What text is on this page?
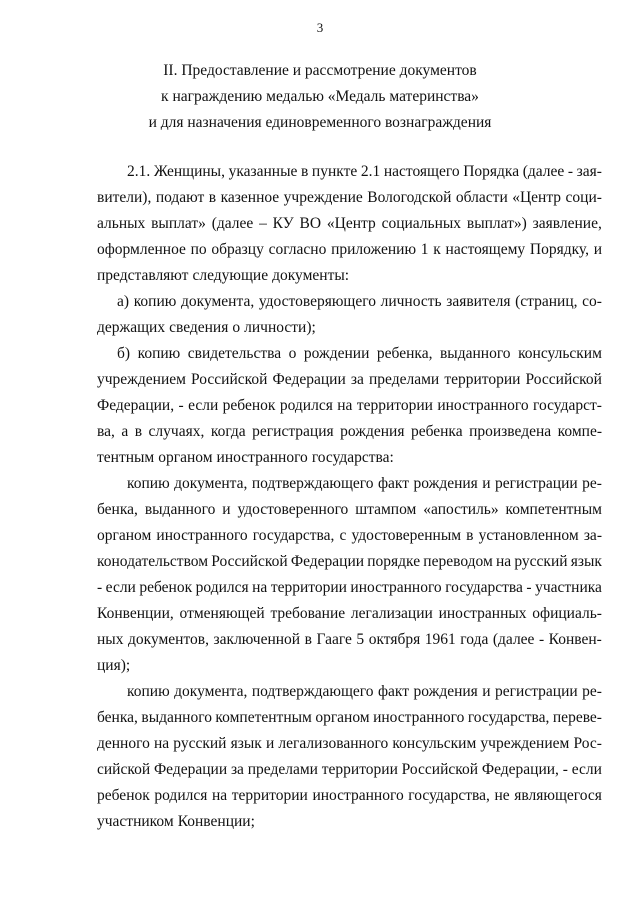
3
II. Предоставление и рассмотрение документов
к награждению медалью «Медаль материнства»
и для назначения единовременного вознаграждения
2.1. Женщины, указанные в пункте 2.1 настоящего Порядка (далее - зая-
вители), подают в казенное учреждение Вологодской области «Центр соци-
альных выплат» (далее – КУ ВО «Центр социальных выплат») заявление,
оформленное по образцу согласно приложению 1 к настоящему Порядку, и
представляют следующие документы:
а) копию документа, удостоверяющего личность заявителя (страниц, со-
держащих сведения о личности);
б) копию свидетельства о рождении ребенка, выданного консульским
учреждением Российской Федерации за пределами территории Российской
Федерации, - если ребенок родился на территории иностранного государст-
ва, а в случаях, когда регистрация рождения ребенка произведена компе-
тентным органом иностранного государства:
копию документа, подтверждающего факт рождения и регистрации ре-
бенка, выданного и удостоверенного штампом «апостиль» компетентным
органом иностранного государства, с удостоверенным в установленном за-
конодательством Российской Федерации порядке переводом на русский язык
- если ребенок родился на территории иностранного государства - участника
Конвенции, отменяющей требование легализации иностранных официаль-
ных документов, заключенной в Гааге 5 октября 1961 года (далее - Конвен-
ция);
копию документа, подтверждающего факт рождения и регистрации ре-
бенка, выданного компетентным органом иностранного государства, переве-
денного на русский язык и легализованного консульским учреждением Рос-
сийской Федерации за пределами территории Российской Федерации, - если
ребенок родился на территории иностранного государства, не являющегося
участником Конвенции;
